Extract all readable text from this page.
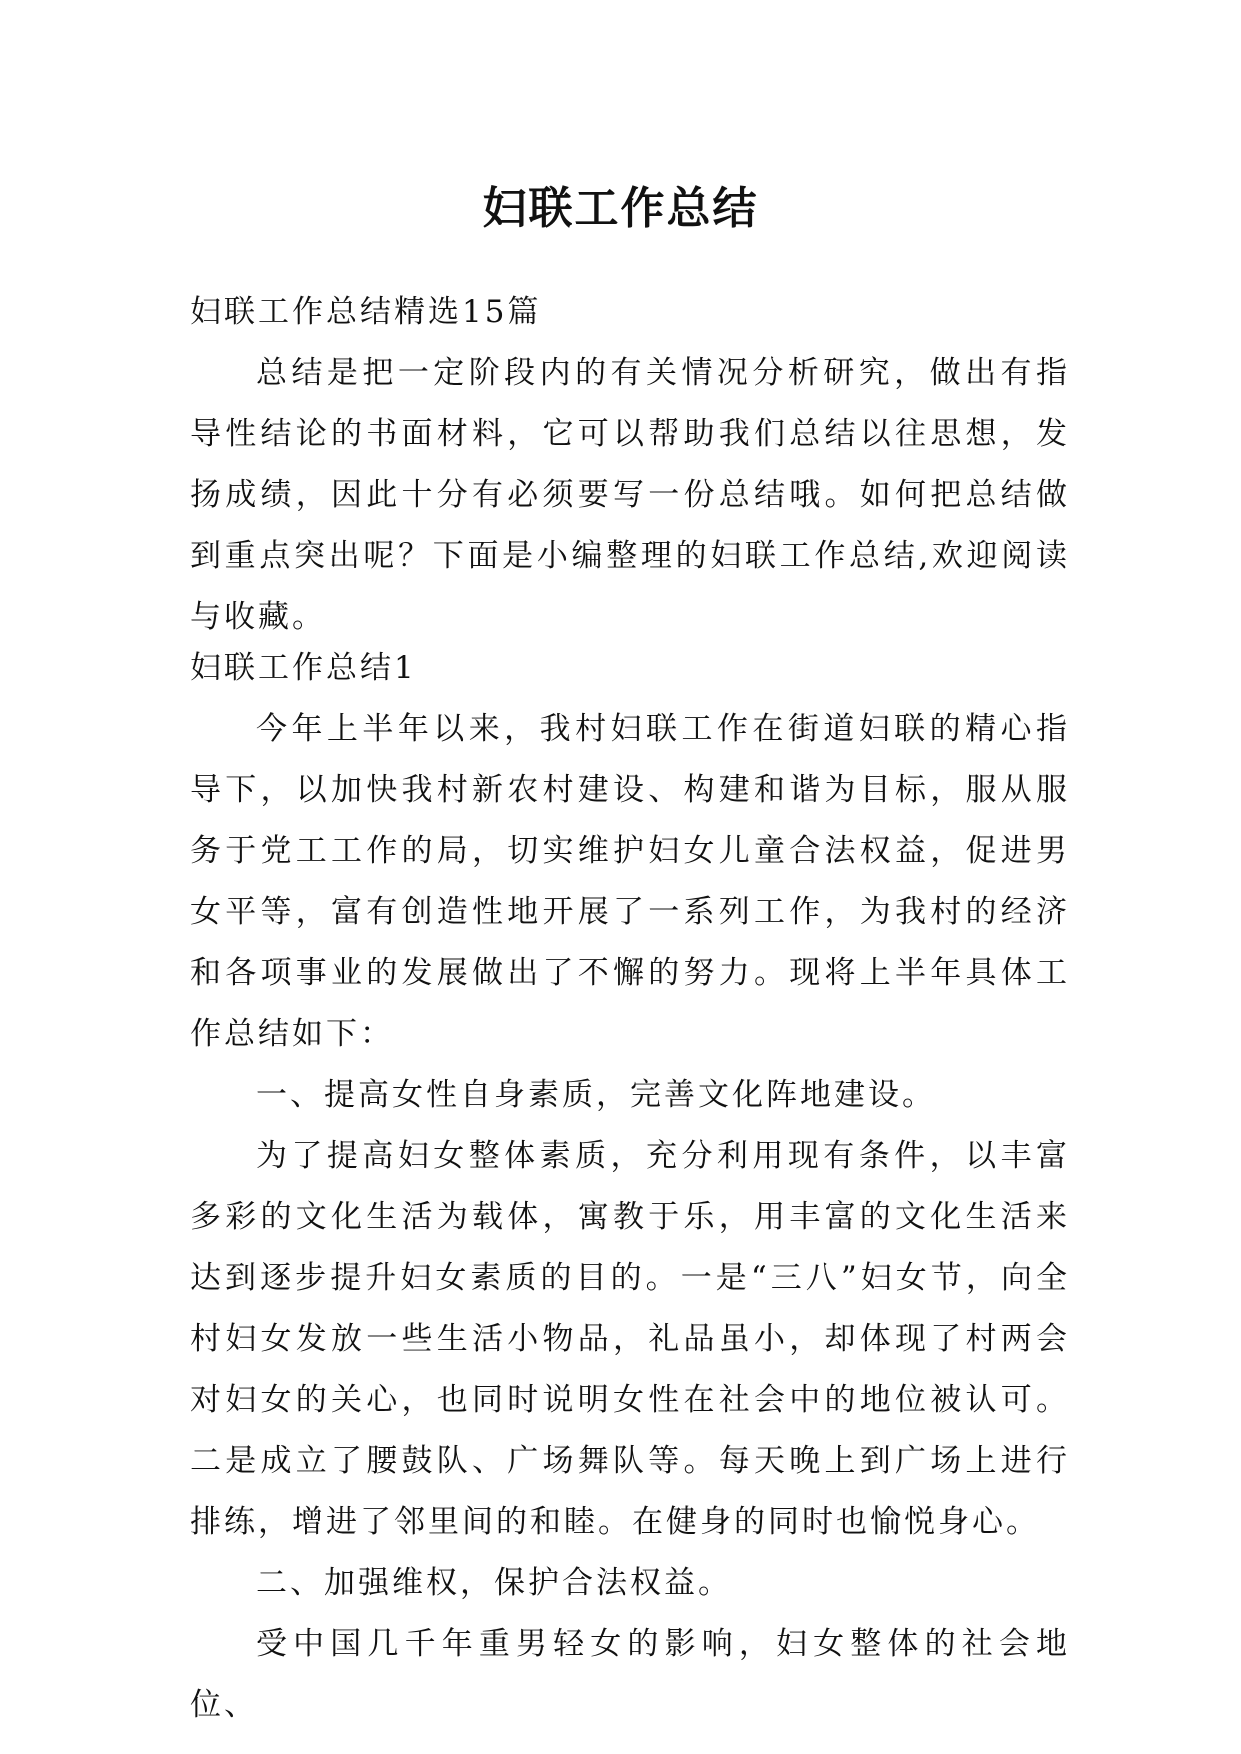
妇联工作总结

妇联工作总结精选15篇

总结是把一定阶段内的有关情况分析研究，做出有指导性结论的书面材料，它可以帮助我们总结以往思想，发扬成绩，因此十分有必须要写一份总结哦。如何把总结做到重点突出呢？下面是小编整理的妇联工作总结,欢迎阅读与收藏。

妇联工作总结1

今年上半年以来，我村妇联工作在街道妇联的精心指导下，以加快我村新农村建设、构建和谐为目标，服从服务于党工工作的局，切实维护妇女儿童合法权益，促进男女平等，富有创造性地开展了一系列工作，为我村的经济和各项事业的发展做出了不懈的努力。现将上半年具体工作总结如下：

一、提高女性自身素质，完善文化阵地建设。

为了提高妇女整体素质，充分利用现有条件，以丰富多彩的文化生活为载体，寓教于乐，用丰富的文化生活来达到逐步提升妇女素质的目的。一是“三八”妇女节，向全村妇女发放一些生活小物品，礼品虽小，却体现了村两会对妇女的关心，也同时说明女性在社会中的地位被认可。二是成立了腰鼓队、广场舞队等。每天晚上到广场上进行排练，增进了邻里间的和睦。在健身的同时也愉悦身心。

二、加强维权，保护合法权益。

受中国几千年重男轻女的影响，妇女整体的社会地位、
